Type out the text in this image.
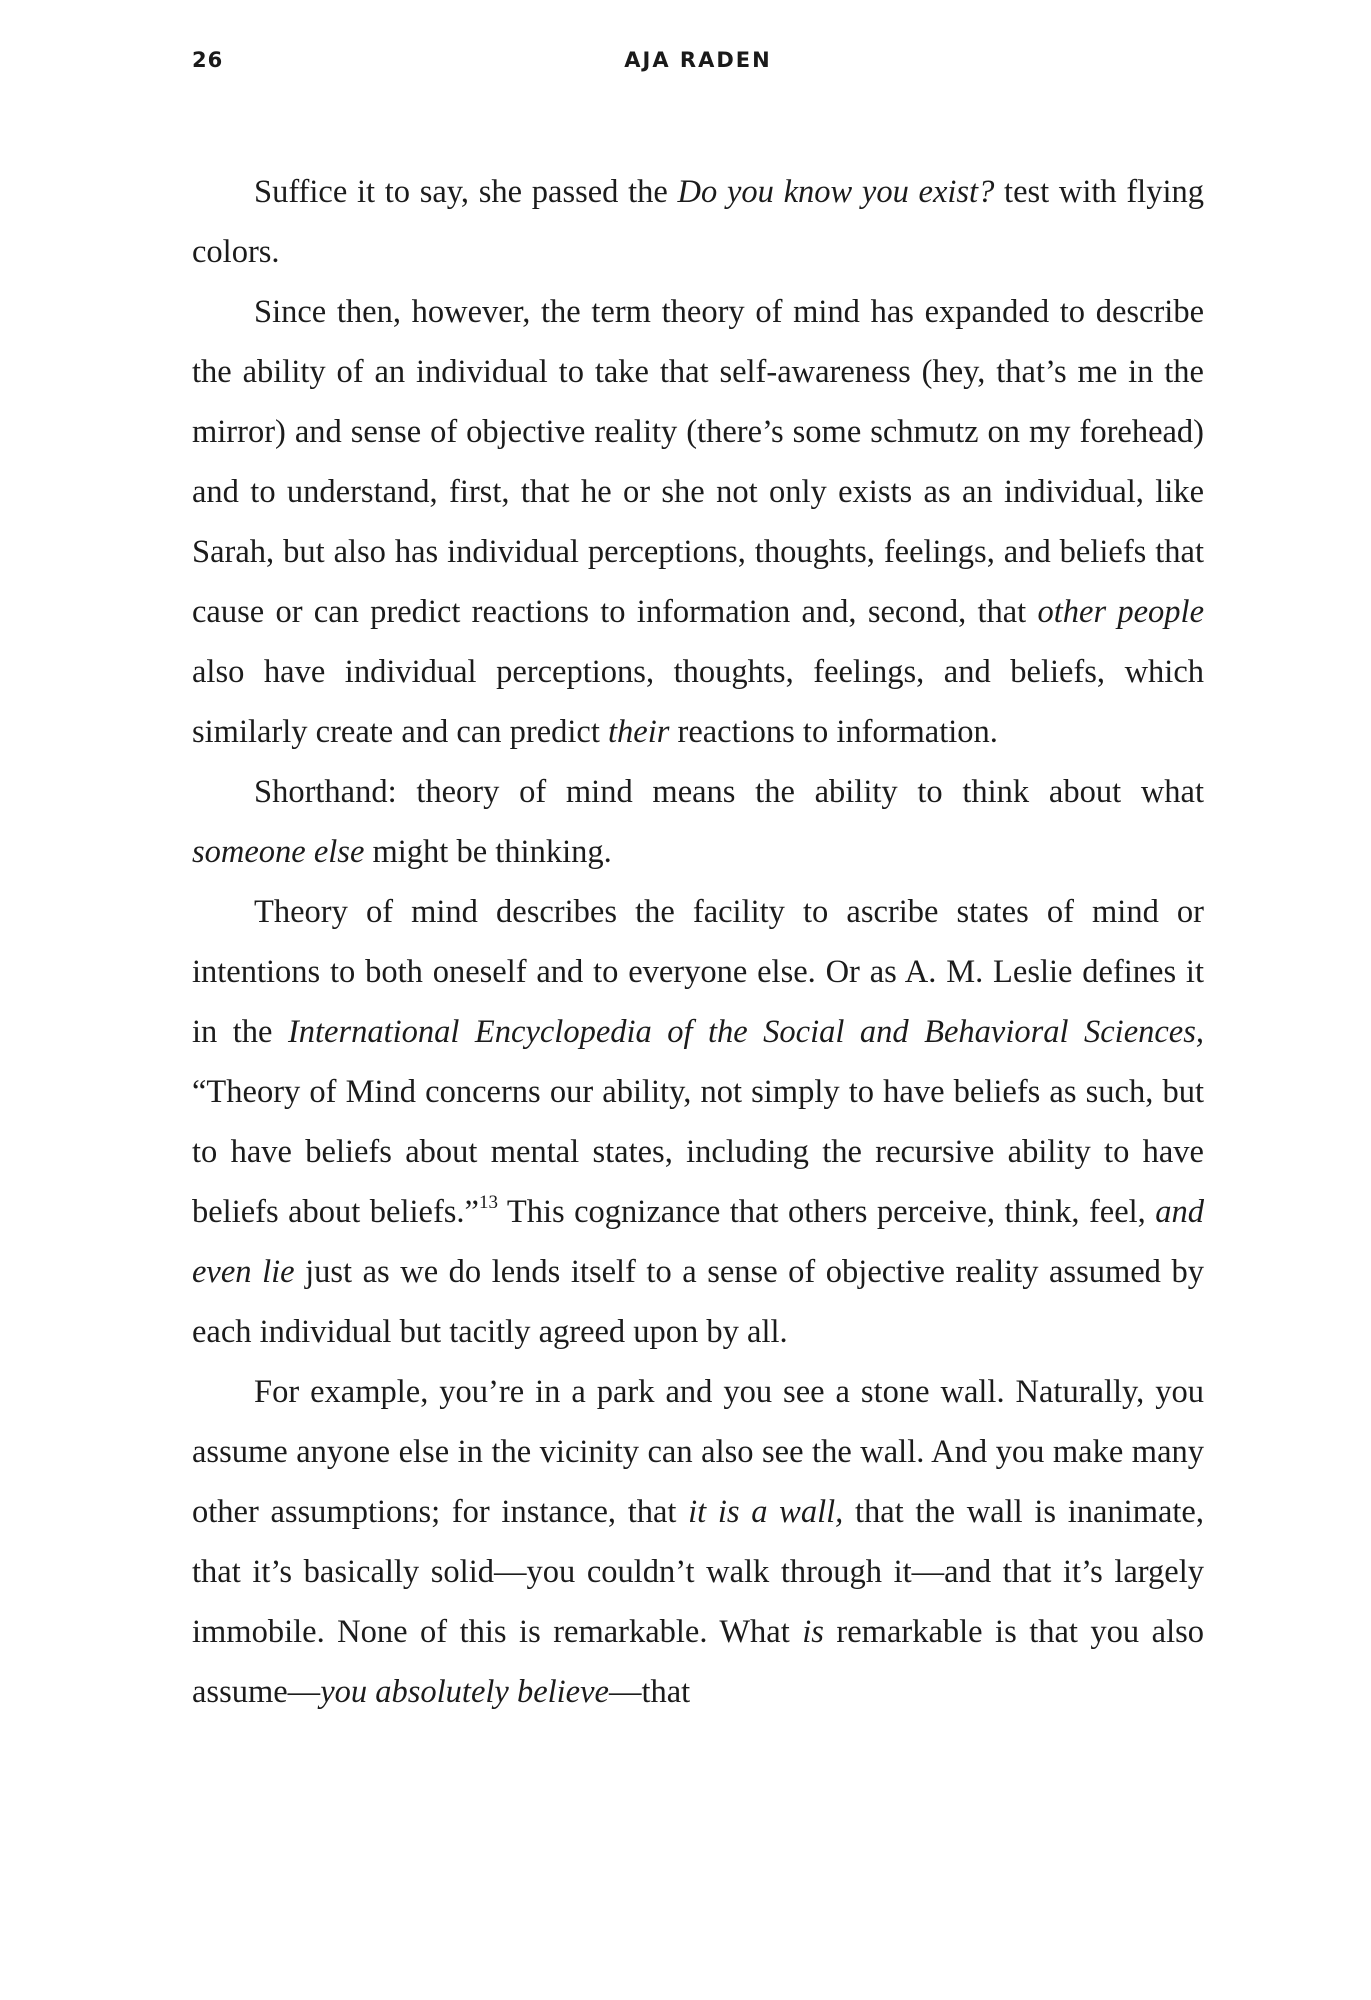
26	AJA RADEN

Suffice it to say, she passed the Do you know you exist? test with flying colors.

Since then, however, the term theory of mind has expanded to describe the ability of an individual to take that self-awareness (hey, that’s me in the mirror) and sense of objective reality (there’s some schmutz on my forehead) and to understand, first, that he or she not only exists as an individual, like Sarah, but also has individual perceptions, thoughts, feelings, and beliefs that cause or can predict reactions to information and, second, that other people also have individual perceptions, thoughts, feelings, and beliefs, which similarly create and can predict their reactions to information.

Shorthand: theory of mind means the ability to think about what someone else might be thinking.

Theory of mind describes the facility to ascribe states of mind or intentions to both oneself and to everyone else. Or as A. M. Leslie defines it in the International Encyclopedia of the Social and Behavioral Sciences, “Theory of Mind concerns our ability, not simply to have beliefs as such, but to have beliefs about mental states, including the recursive ability to have beliefs about beliefs.”$^{13}$ This cognizance that others perceive, think, feel, and even lie just as we do lends itself to a sense of objective reality assumed by each individual but tacitly agreed upon by all.

For example, you’re in a park and you see a stone wall. Naturally, you assume anyone else in the vicinity can also see the wall. And you make many other assumptions; for instance, that it is a wall, that the wall is inanimate, that it’s basically solid—you couldn’t walk through it—and that it’s largely immobile. None of this is remarkable. What is remarkable is that you also assume—you absolutely believe—that
